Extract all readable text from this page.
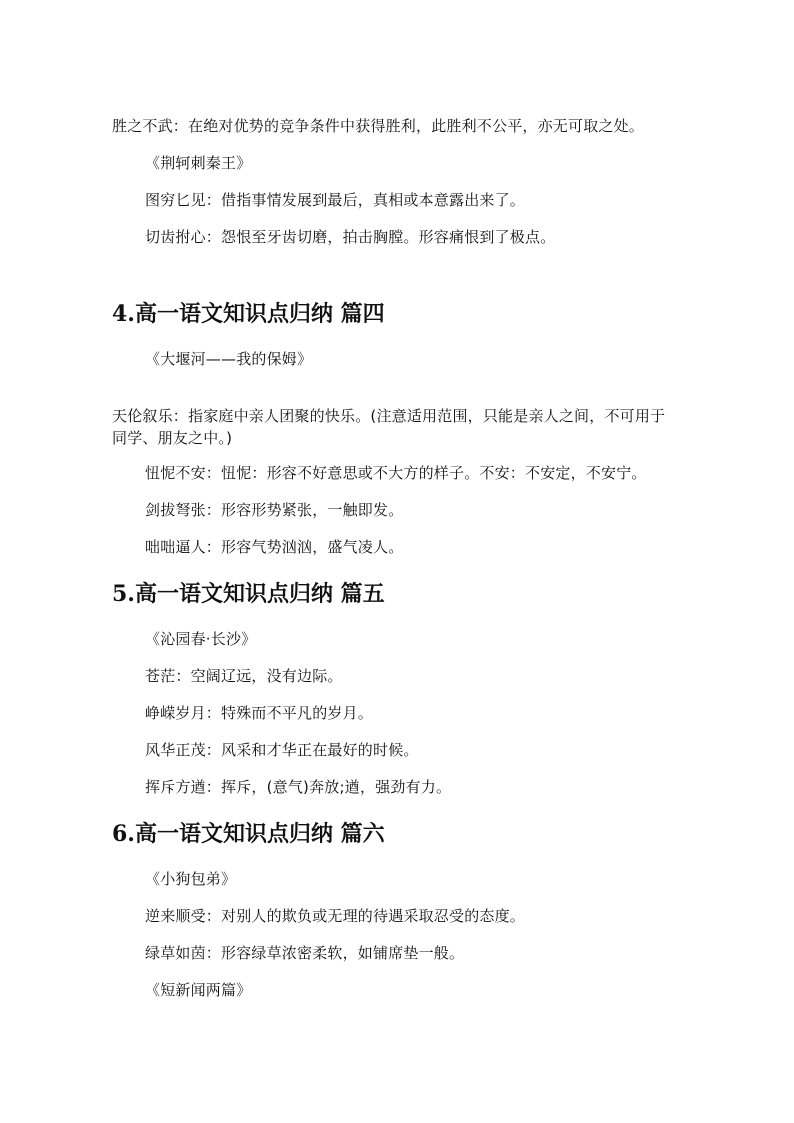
胜之不武：在绝对优势的竞争条件中获得胜利，此胜利不公平，亦无可取之处。
《荆轲刺秦王》
图穷匕见：借指事情发展到最后，真相或本意露出来了。
切齿拊心：怨恨至牙齿切磨，拍击胸膛。形容痛恨到了极点。
4.高一语文知识点归纳 篇四
《大堰河——我的保姆》
天伦叙乐：指家庭中亲人团聚的快乐。(注意适用范围，只能是亲人之间，不可用于同学、朋友之中。)
忸怩不安：忸怩：形容不好意思或不大方的样子。不安：不安定，不安宁。
剑拔弩张：形容形势紧张，一触即发。
咄咄逼人：形容气势汹汹，盛气凌人。
5.高一语文知识点归纳 篇五
《沁园春·长沙》
苍茫：空阔辽远，没有边际。
峥嵘岁月：特殊而不平凡的岁月。
风华正茂：风采和才华正在最好的时候。
挥斥方遒：挥斥，(意气)奔放;遒，强劲有力。
6.高一语文知识点归纳 篇六
《小狗包弟》
逆来顺受：对别人的欺负或无理的待遇采取忍受的态度。
绿草如茵：形容绿草浓密柔软，如铺席垫一般。
《短新闻两篇》
